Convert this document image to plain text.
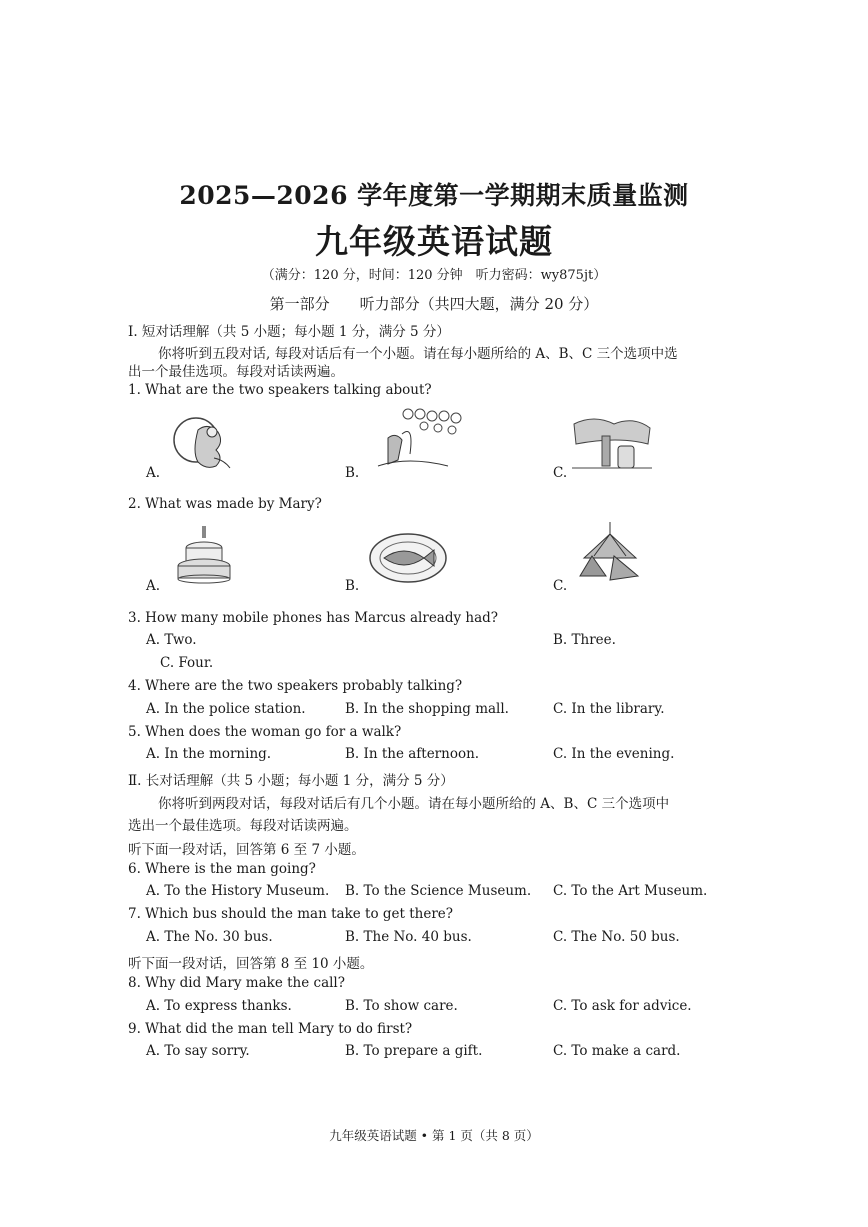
2025—2026 学年度第一学期期末质量监测
九年级英语试题
（满分：120 分，时间：120 分钟　听力密码：wy875jt）
第一部分　　听力部分（共四大题，满分 20 分）
I. 短对话理解（共 5 小题；每小题 1 分，满分 5 分）
你将听到五段对话, 每段对话后有一个小题。请在每小题所给的 A、B、C 三个选项中选
出一个最佳选项。每段对话读两遍。
1. What are the two speakers talking about?
A.	B.	C.
2. What was made by Mary?
A.	B.	C.
3. How many mobile phones has Marcus already had?
A. Two.	B. Three.
C. Four.
4. Where are the two speakers probably talking?
A. In the police station.	B. In the shopping mall.	C. In the library.
5. When does the woman go for a walk?
A. In the morning.	B. In the afternoon.	C. In the evening.
Ⅱ. 长对话理解（共 5 小题；每小题 1 分，满分 5 分）
你将听到两段对话，每段对话后有几个小题。请在每小题所给的 A、B、C 三个选项中
选出一个最佳选项。每段对话读两遍。
听下面一段对话，回答第 6 至 7 小题。
6. Where is the man going?
A. To the History Museum. B. To the Science Museum. C. To the Art Museum.
7. Which bus should the man take to get there?
A. The No. 30 bus.	B. The No. 40 bus.	C. The No. 50 bus.
听下面一段对话，回答第 8 至 10 小题。
8. Why did Mary make the call?
A. To express thanks.	B. To show care.	C. To ask for advice.
9. What did the man tell Mary to do first?
A. To say sorry.	B. To prepare a gift.	C. To make a card.
九年级英语试题 • 第 1 页（共 8 页）
